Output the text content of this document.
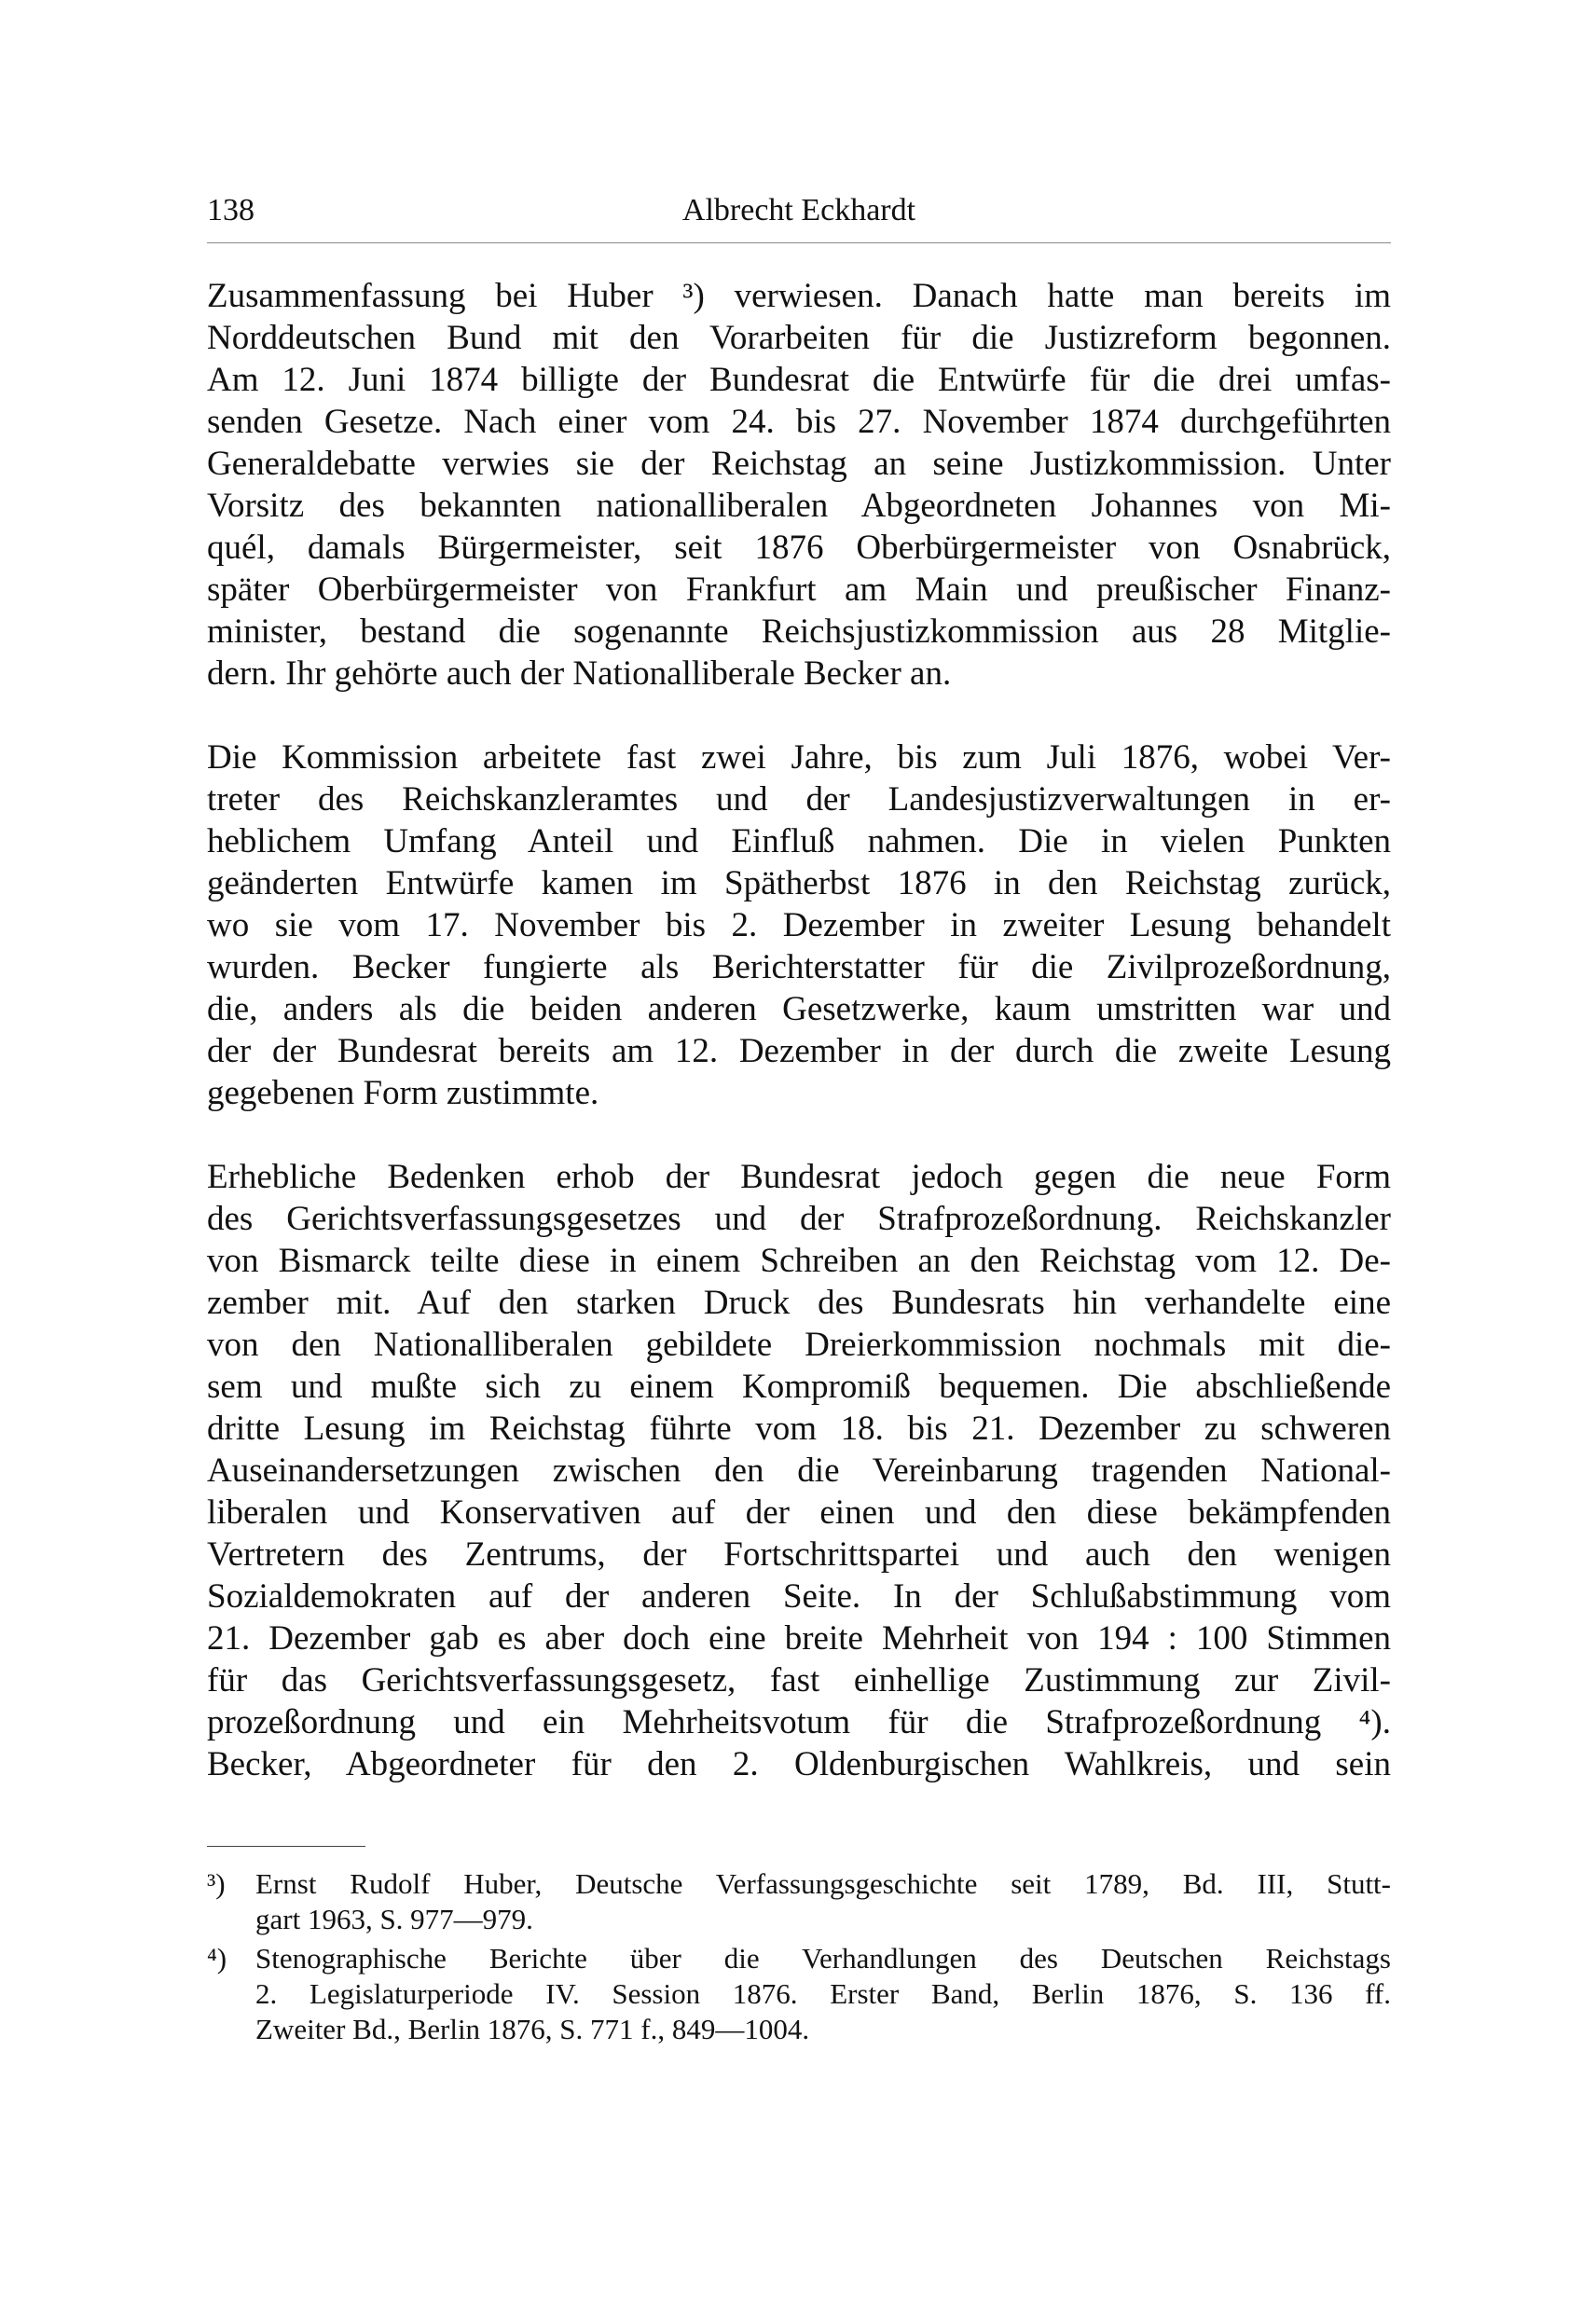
138	Albrecht Eckhardt

Zusammenfassung bei Huber ³) verwiesen. Danach hatte man bereits im
Norddeutschen Bund mit den Vorarbeiten für die Justizreform begonnen.
Am 12. Juni 1874 billigte der Bundesrat die Entwürfe für die drei umfas-
senden Gesetze. Nach einer vom 24. bis 27. November 1874 durchgeführten
Generaldebatte verwies sie der Reichstag an seine Justizkommission. Unter
Vorsitz des bekannten nationalliberalen Abgeordneten Johannes von Mi-
quél, damals Bürgermeister, seit 1876 Oberbürgermeister von Osnabrück,
später Oberbürgermeister von Frankfurt am Main und preußischer Finanz-
minister, bestand die sogenannte Reichsjustizkommission aus 28 Mitglie-
dern. Ihr gehörte auch der Nationalliberale Becker an.

Die Kommission arbeitete fast zwei Jahre, bis zum Juli 1876, wobei Ver-
treter des Reichskanzleramtes und der Landesjustizverwaltungen in er-
heblichem Umfang Anteil und Einfluß nahmen. Die in vielen Punkten
geänderten Entwürfe kamen im Spätherbst 1876 in den Reichstag zurück,
wo sie vom 17. November bis 2. Dezember in zweiter Lesung behandelt
wurden. Becker fungierte als Berichterstatter für die Zivilprozeßordnung,
die, anders als die beiden anderen Gesetzwerke, kaum umstritten war und
der der Bundesrat bereits am 12. Dezember in der durch die zweite Lesung
gegebenen Form zustimmte.

Erhebliche Bedenken erhob der Bundesrat jedoch gegen die neue Form
des Gerichtsverfassungsgesetzes und der Strafprozeßordnung. Reichskanzler
von Bismarck teilte diese in einem Schreiben an den Reichstag vom 12. De-
zember mit. Auf den starken Druck des Bundesrats hin verhandelte eine
von den Nationalliberalen gebildete Dreierkommission nochmals mit die-
sem und mußte sich zu einem Kompromiß bequemen. Die abschließende
dritte Lesung im Reichstag führte vom 18. bis 21. Dezember zu schweren
Auseinandersetzungen zwischen den die Vereinbarung tragenden National-
liberalen und Konservativen auf der einen und den diese bekämpfenden
Vertretern des Zentrums, der Fortschrittspartei und auch den wenigen
Sozialdemokraten auf der anderen Seite. In der Schlußabstimmung vom
21. Dezember gab es aber doch eine breite Mehrheit von 194 : 100 Stimmen
für das Gerichtsverfassungsgesetz, fast einhellige Zustimmung zur Zivil-
prozeßordnung und ein Mehrheitsvotum für die Strafprozeßordnung ⁴).
Becker, Abgeordneter für den 2. Oldenburgischen Wahlkreis, und sein

³) Ernst Rudolf Huber, Deutsche Verfassungsgeschichte seit 1789, Bd. III, Stutt-
gart 1963, S. 977—979.
⁴) Stenographische Berichte über die Verhandlungen des Deutschen Reichstags
2. Legislaturperiode IV. Session 1876. Erster Band, Berlin 1876, S. 136 ff.
Zweiter Bd., Berlin 1876, S. 771 f., 849—1004.
